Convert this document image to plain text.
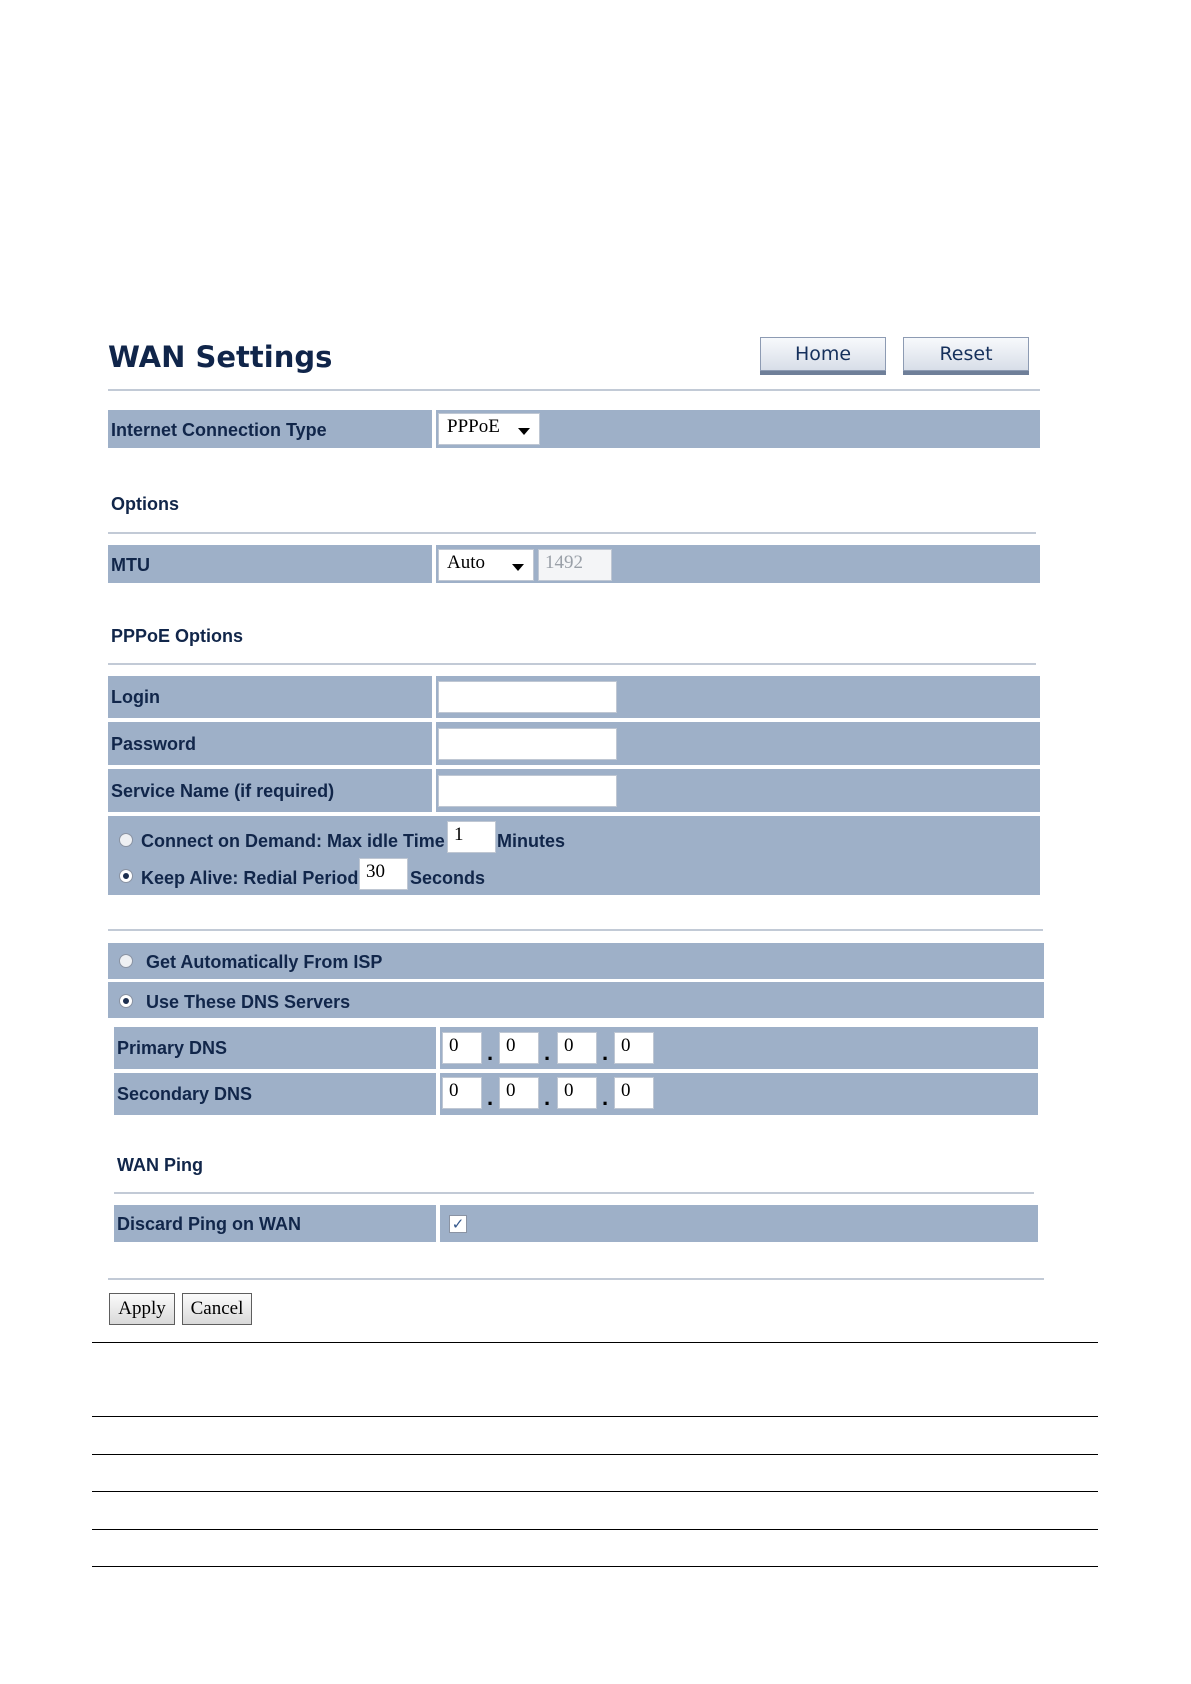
WAN Settings	Home	Reset
Internet Connection Type	PPPoE
Options
MTU	Auto	1492
PPPoE Options
Login
Password
Service Name (if required)
Connect on Demand: Max idle Time 1	Minutes
Keep Alive: Redial Period 30	Seconds
Get Automatically From ISP
Use These DNS Servers
Primary DNS	0	. 0	. 0	. 0
Secondary DNS	0	. 0	. 0	. 0
WAN Ping
Discard Ping on WAN	✓
Apply	Cancel
